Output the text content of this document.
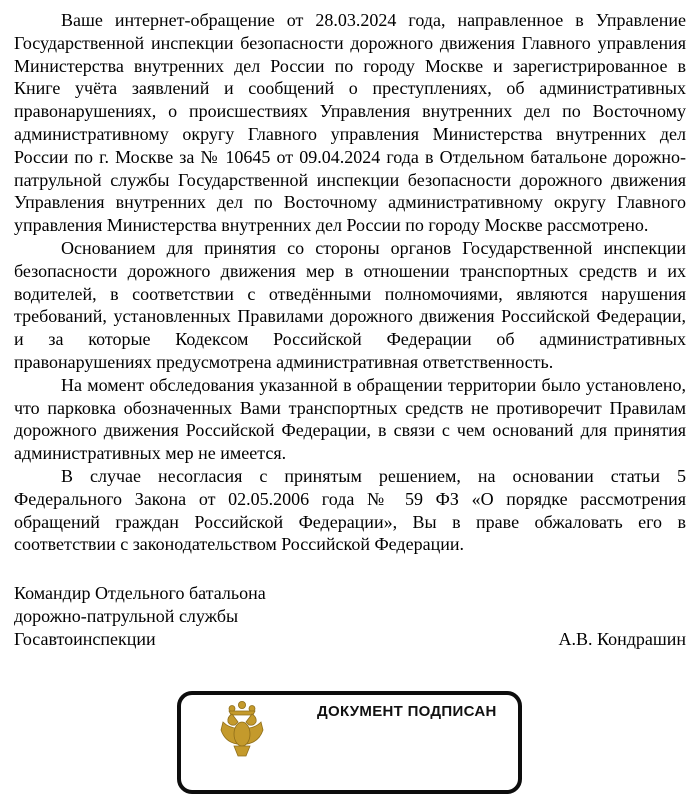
Ваше интернет-обращение от 28.03.2024 года, направленное в Управление Государственной инспекции безопасности дорожного движения Главного управления Министерства внутренних дел России по городу Москве и зарегистрированное в Книге учёта заявлений и сообщений о преступлениях, об административных правонарушениях, о происшествиях Управления внутренних дел по Восточному административному округу Главного управления Министерства внутренних дел России по г. Москве за № 10645 от 09.04.2024 года в Отдельном батальоне дорожно-патрульной службы Государственной инспекции безопасности дорожного движения Управления внутренних дел по Восточному административному округу Главного управления Министерства внутренних дел России по городу Москве рассмотрено.

Основанием для принятия со стороны органов Государственной инспекции безопасности дорожного движения мер в отношении транспортных средств и их водителей, в соответствии с отведёнными полномочиями, являются нарушения требований, установленных Правилами дорожного движения Российской Федерации, и за которые Кодексом Российской Федерации об административных правонарушениях предусмотрена административная ответственность.

На момент обследования указанной в обращении территории было установлено, что парковка обозначенных Вами транспортных средств не противоречит Правилам дорожного движения Российской Федерации, в связи с чем оснований для принятия административных мер не имеется.

В случае несогласия с принятым решением, на основании статьи 5 Федерального Закона от 02.05.2006 года № 59 ФЗ «О порядке рассмотрения обращений граждан Российской Федерации», Вы в праве обжаловать его в соответствии с законодательством Российской Федерации.

Командир Отдельного батальона
дорожно-патрульной службы
Госавтоинспекции	А.В. Кондрашин
ДОКУМЕНТ ПОДПИСАН
